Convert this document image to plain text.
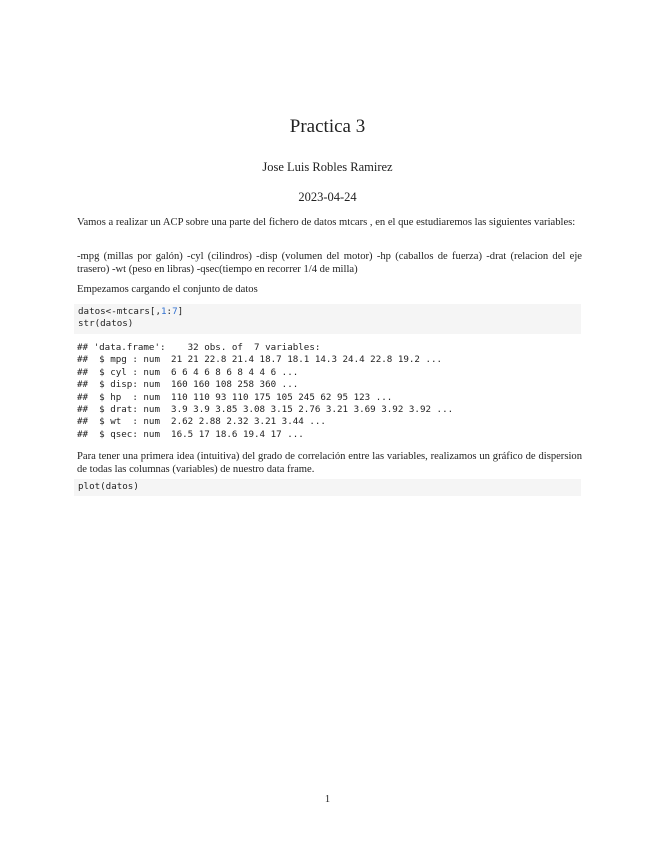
Practica 3
Jose Luis Robles Ramirez
2023-04-24

Vamos a realizar un ACP sobre una parte del fichero de datos mtcars , en el que estudiaremos las siguientes variables:

-mpg (millas por galón) -cyl (cilindros) -disp (volumen del motor) -hp (caballos de fuerza) -drat (relacion del eje trasero) -wt (peso en libras) -qsec(tiempo en recorrer 1/4 de milla)

Empezamos cargando el conjunto de datos

datos<-mtcars[,1:7]
str(datos)
## 'data.frame':    32 obs. of  7 variables:
##  $ mpg : num  21 21 22.8 21.4 18.7 18.1 14.3 24.4 22.8 19.2 ...
##  $ cyl : num  6 6 4 6 8 6 8 4 4 6 ...
##  $ disp: num  160 160 108 258 360 ...
##  $ hp  : num  110 110 93 110 175 105 245 62 95 123 ...
##  $ drat: num  3.9 3.9 3.85 3.08 3.15 2.76 3.21 3.69 3.92 3.92 ...
##  $ wt  : num  2.62 2.88 2.32 3.21 3.44 ...
##  $ qsec: num  16.5 17 18.6 19.4 17 ...

Para tener una primera idea (intuitiva) del grado de correlación entre las variables, realizamos un gráfico de dispersion de todas las columnas (variables) de nuestro data frame.

plot(datos)
1
